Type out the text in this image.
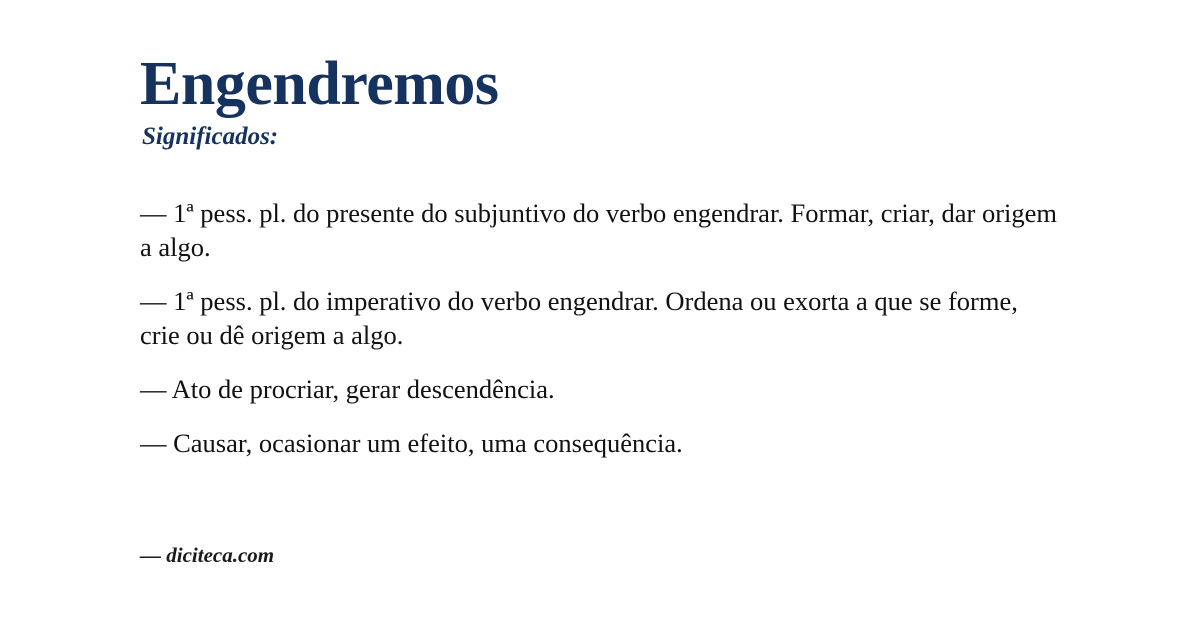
Engendremos
Significados:

— 1ª pess. pl. do presente do subjuntivo do verbo engendrar. Formar, criar, dar origem a algo.

— 1ª pess. pl. do imperativo do verbo engendrar. Ordena ou exorta a que se forme, crie ou dê origem a algo.

— Ato de procriar, gerar descendência.

— Causar, ocasionar um efeito, uma consequência.

— diciteca.com
